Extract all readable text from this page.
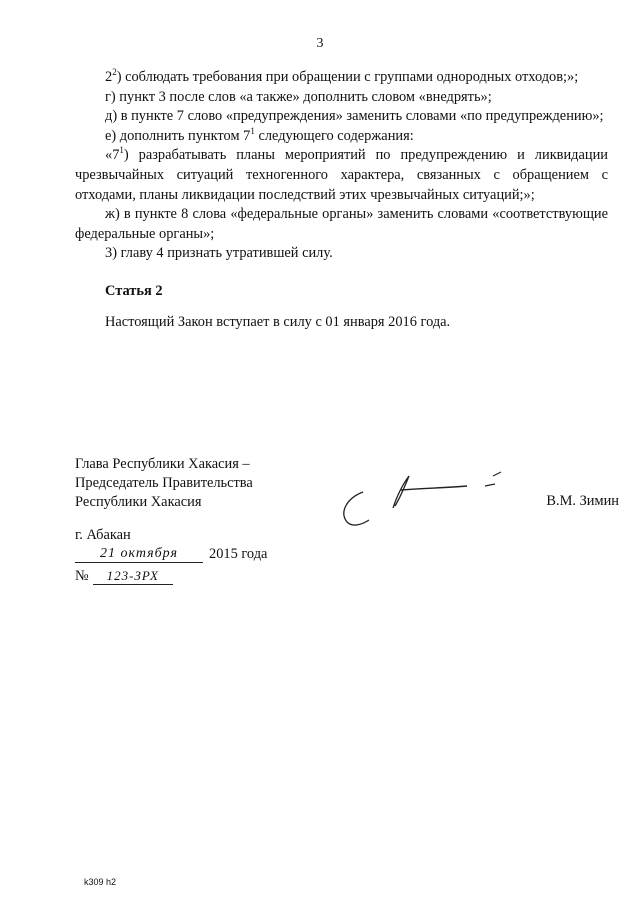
3

$2^2$) соблюдать требования при обращении с группами однородных отходов;»;

г) пункт 3 после слов «а также» дополнить словом «внедрять»;

д) в пункте 7 слово «предупреждения» заменить словами «по предупреждению»;

е) дополнить пунктом $7^1$ следующего содержания:

«$7^1$) разрабатывать планы мероприятий по предупреждению и ликвидации чрезвычайных ситуаций техногенного характера, связанных с обращением с отходами, планы ликвидации последствий этих чрезвычайных ситуаций;»;

ж) в пункте 8 слова «федеральные органы» заменить словами «соответствующие федеральные органы»;

3) главу 4 признать утратившей силу.

Статья 2

Настоящий Закон вступает в силу с 01 января 2016 года.

Глава Республики Хакасия –
Председатель Правительства
Республики Хакасия	В.М. Зимин
г. Абакан
21 октября	2015 года
№	123-ЗРХ
k309 h2
